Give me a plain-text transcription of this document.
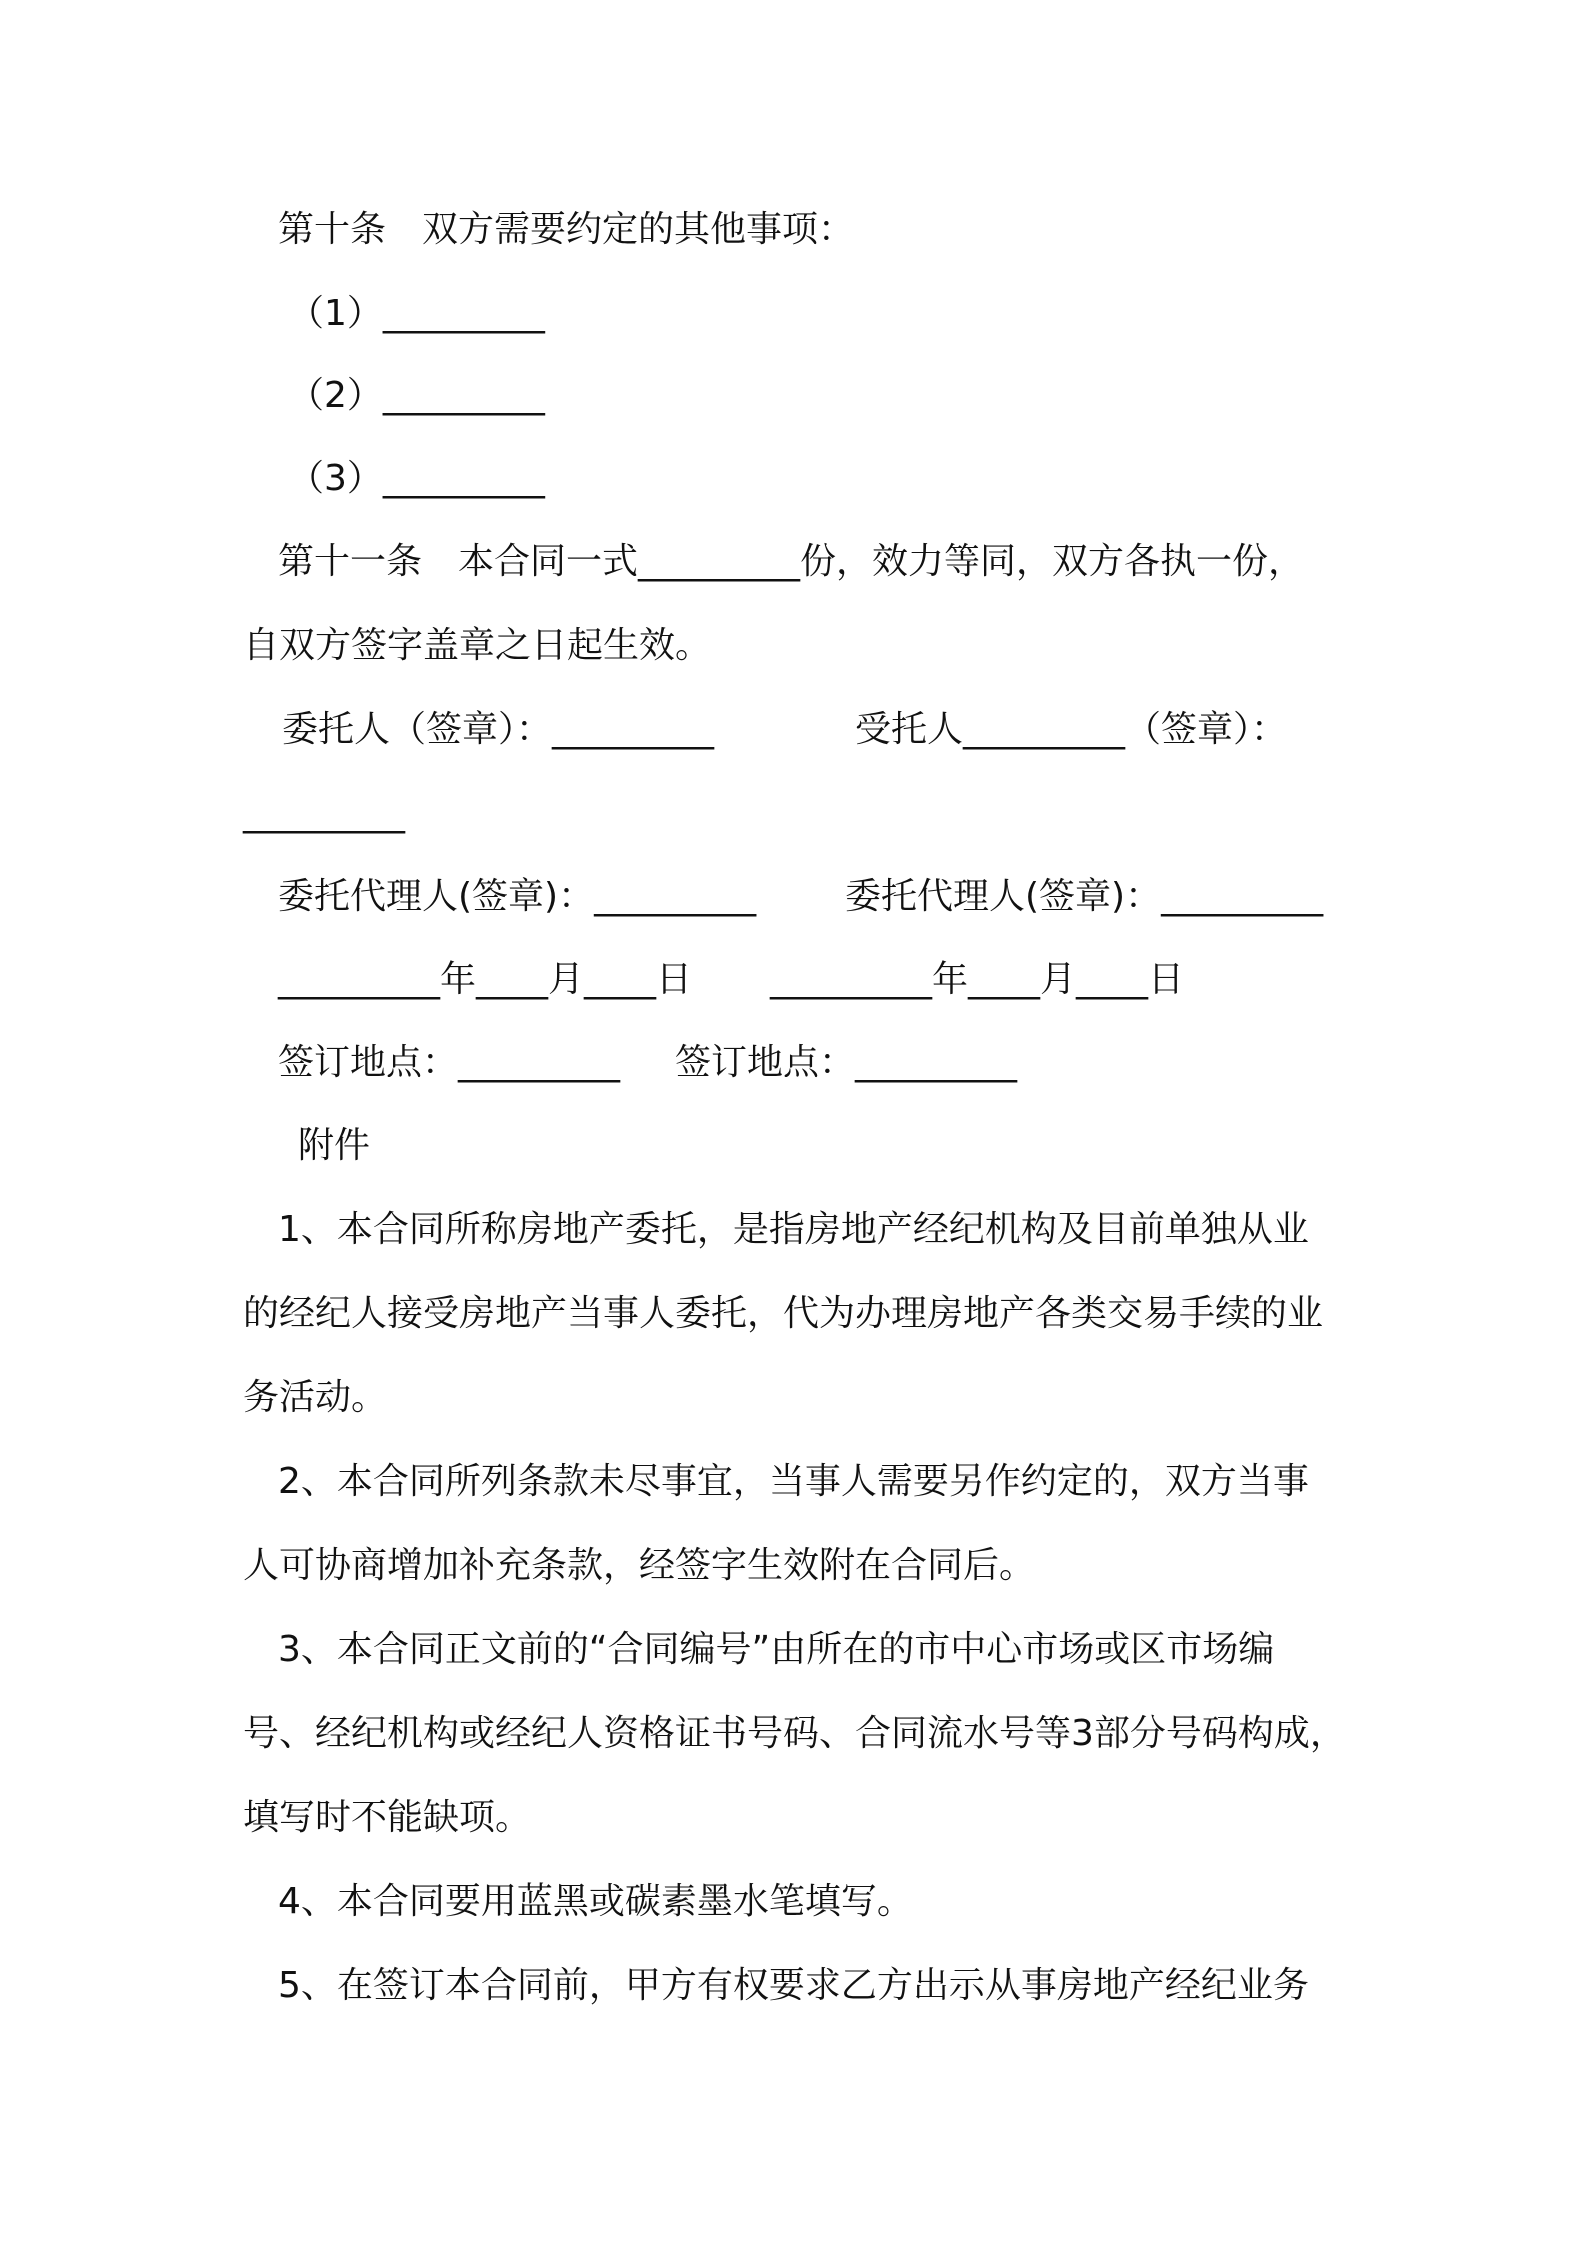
第十条　双方需要约定的其他事项：

（1）_________

（2）_________

（3）_________

第十一条　本合同一式_________份，效力等同，双方各执一份，

自双方签字盖章之日起生效。

委托人（签章）：_________

	受托人_________（签章）：

_________

委托代理人(签章)：_________

委托代理人(签章)：_________

_________年____月____日

_________年____月____日

签订地点：_________

签订地点：_________

附件

1、本合同所称房地产委托，是指房地产经纪机构及目前单独从业

的经纪人接受房地产当事人委托，代为办理房地产各类交易手续的业

务活动。

2、本合同所列条款未尽事宜，当事人需要另作约定的，双方当事

人可协商增加补充条款，经签字生效附在合同后。

3、本合同正文前的“合同编号”由所在的市中心市场或区市场编

号、经纪机构或经纪人资格证书号码、合同流水号等3部分号码构成，

填写时不能缺项。

4、本合同要用蓝黑或碳素墨水笔填写。

5、在签订本合同前，甲方有权要求乙方出示从事房地产经纪业务
